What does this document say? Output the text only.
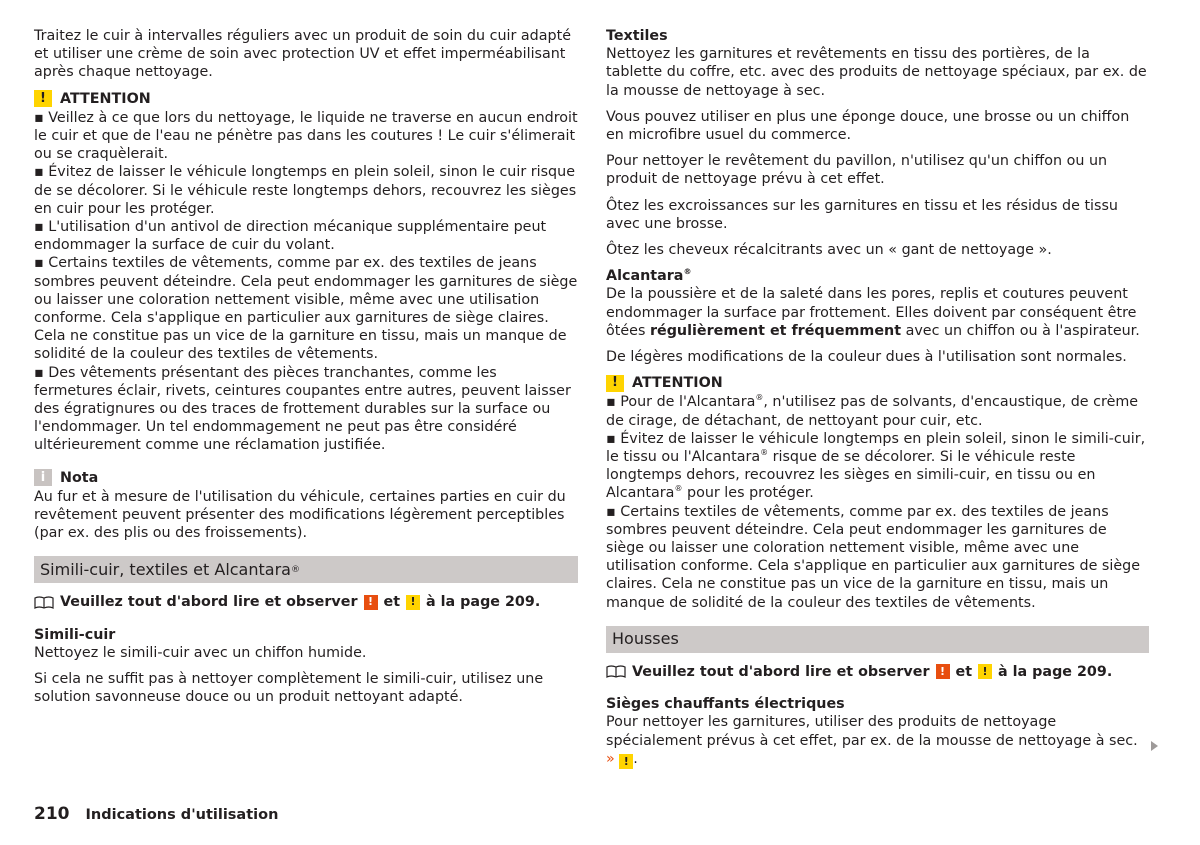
Traitez le cuir à intervalles réguliers avec un produit de soin du cuir adapté et utiliser une crème de soin avec protection UV et effet imperméabilisant après chaque nettoyage.

! ATTENTION

▪ Veillez à ce que lors du nettoyage, le liquide ne traverse en aucun endroit le cuir et que de l'eau ne pénètre pas dans les coutures ! Le cuir s'élimerait ou se craquèlerait.

▪ Évitez de laisser le véhicule longtemps en plein soleil, sinon le cuir risque de se décolorer. Si le véhicule reste longtemps dehors, recouvrez les sièges en cuir pour les protéger.

▪ L'utilisation d'un antivol de direction mécanique supplémentaire peut endommager la surface de cuir du volant.

▪ Certains textiles de vêtements, comme par ex. des textiles de jeans sombres peuvent déteindre. Cela peut endommager les garnitures de siège ou laisser une coloration nettement visible, même avec une utilisation conforme. Cela s'applique en particulier aux garnitures de siège claires. Cela ne constitue pas un vice de la garniture en tissu, mais un manque de solidité de la couleur des textiles de vêtements.

▪ Des vêtements présentant des pièces tranchantes, comme les fermetures éclair, rivets, ceintures coupantes entre autres, peuvent laisser des égratignures ou des traces de frottement durables sur la surface ou l'endommager. Un tel endommagement ne peut pas être considéré ultérieurement comme une réclamation justifiée.

i	Nota

Au fur et à mesure de l'utilisation du véhicule, certaines parties en cuir du revêtement peuvent présenter des modifications légèrement perceptibles (par ex. des plis ou des froissements).

Simili-cuir, textiles et Alcantara ®
Veuillez tout d'abord lire et observer ! et ! à la page 209.

Simili-cuir

Nettoyez le simili-cuir avec un chiffon humide.

Si cela ne suffit pas à nettoyer complètement le simili-cuir, utilisez une solution savonneuse douce ou un produit nettoyant adapté.

Textiles

Nettoyez les garnitures et revêtements en tissu des portières, de la tablette du coffre, etc. avec des produits de nettoyage spéciaux, par ex. de la mousse de nettoyage à sec.

Vous pouvez utiliser en plus une éponge douce, une brosse ou un chiffon en microfibre usuel du commerce.

Pour nettoyer le revêtement du pavillon, n'utilisez qu'un chiffon ou un produit de nettoyage prévu à cet effet.

Ôtez les excroissances sur les garnitures en tissu et les résidus de tissu avec une brosse.

Ôtez les cheveux récalcitrants avec un « gant de nettoyage ».

Alcantara®

De la poussière et de la saleté dans les pores, replis et coutures peuvent endommager la surface par frottement. Elles doivent par conséquent être ôtées régulièrement et fréquemment avec un chiffon ou à l'aspirateur.

De légères modifications de la couleur dues à l'utilisation sont normales.

! ATTENTION

▪ Pour de l'Alcantara®, n'utilisez pas de solvants, d'encaustique, de crème de cirage, de détachant, de nettoyant pour cuir, etc.

▪ Évitez de laisser le véhicule longtemps en plein soleil, sinon le simili-cuir, le tissu ou l'Alcantara® risque de se décolorer. Si le véhicule reste longtemps dehors, recouvrez les sièges en simili-cuir, en tissu ou en Alcantara® pour les protéger.

▪ Certains textiles de vêtements, comme par ex. des textiles de jeans sombres peuvent déteindre. Cela peut endommager les garnitures de siège ou laisser une coloration nettement visible, même avec une utilisation conforme. Cela s'applique en particulier aux garnitures de siège claires. Cela ne constitue pas un vice de la garniture en tissu, mais un manque de solidité de la couleur des textiles de vêtements.

Housses
Veuillez tout d'abord lire et observer ! et ! à la page 209.

Sièges chauffants électriques

Pour nettoyer les garnitures, utiliser des produits de nettoyage spécialement prévus à cet effet, par ex. de la mousse de nettoyage à sec. » ! .

210 Indications d'utilisation
